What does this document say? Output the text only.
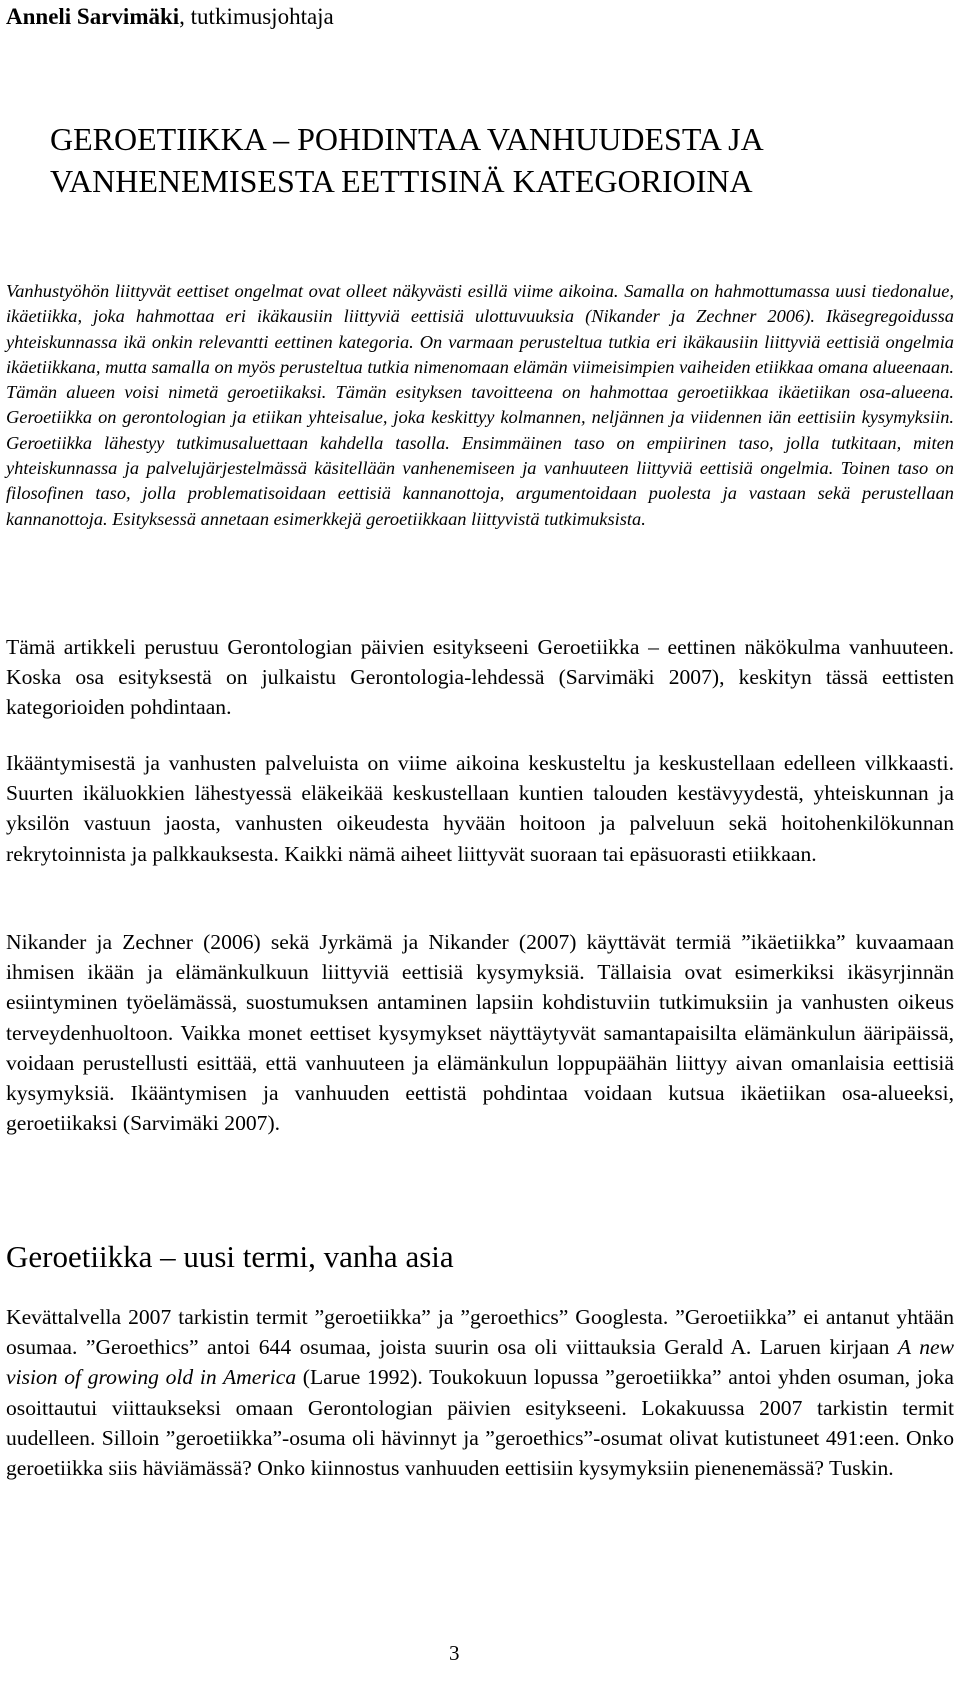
Anneli Sarvimäki, tutkimusjohtaja
GEROETIIKKA – POHDINTAA VANHUUDESTA JA
VANHENEMISESTA EETTISINÄ KATEGORIOINA

Vanhustyöhön liittyvät eettiset ongelmat ovat olleet näkyvästi esillä viime aikoina. Samalla on hahmottumassa uusi tiedonalue, ikäetiikka, joka hahmottaa eri ikäkausiin liittyviä eettisiä ulottuvuuksia (Nikander ja Zechner 2006). Ikäsegregoidussa yhteiskunnassa ikä onkin relevantti eettinen kategoria. On varmaan perusteltua tutkia eri ikäkausiin liittyviä eettisiä ongelmia ikäetiikkana, mutta samalla on myös perusteltua tutkia nimenomaan elämän viimeisimpien vaiheiden etiikkaa omana alueenaan. Tämän alueen voisi nimetä geroetiikaksi. Tämän esityksen tavoitteena on hahmottaa geroetiikkaa ikäetiikan osa-alueena. Geroetiikka on gerontologian ja etiikan yhteisalue, joka keskittyy kolmannen, neljännen ja viidennen iän eettisiin kysymyksiin. Geroetiikka lähestyy tutkimusaluettaan kahdella tasolla. Ensimmäinen taso on empiirinen taso, jolla tutkitaan, miten yhteiskunnassa ja palvelujärjestelmässä käsitellään vanhenemiseen ja vanhuuteen liittyviä eettisiä ongelmia. Toinen taso on filosofinen taso, jolla problematisoidaan eettisiä kannanottoja, argumentoidaan puolesta ja vastaan sekä perustellaan kannanottoja. Esityksessä annetaan esimerkkejä geroetiikkaan liittyvistä tutkimuksista.

Tämä artikkeli perustuu Gerontologian päivien esitykseeni Geroetiikka – eettinen näkökulma vanhuuteen. Koska osa esityksestä on julkaistu Gerontologia-lehdessä (Sarvimäki 2007), keskityn tässä eettisten kategorioiden pohdintaan.

Ikääntymisestä ja vanhusten palveluista on viime aikoina keskusteltu ja keskustellaan edelleen vilkkaasti. Suurten ikäluokkien lähestyessä eläkeikää keskustellaan kuntien talouden kestävyydestä, yhteiskunnan ja yksilön vastuun jaosta, vanhusten oikeudesta hyvään hoitoon ja palveluun sekä hoitohenkilökunnan rekrytoinnista ja palkkauksesta. Kaikki nämä aiheet liittyvät suoraan tai epäsuorasti etiikkaan.

Nikander ja Zechner (2006) sekä Jyrkämä ja Nikander (2007) käyttävät termiä ”ikäetiikka” kuvaamaan ihmisen ikään ja elämänkulkuun liittyviä eettisiä kysymyksiä. Tällaisia ovat esimerkiksi ikäsyrjinnän esiintyminen työelämässä, suostumuksen antaminen lapsiin kohdistuviin tutkimuksiin ja vanhusten oikeus terveydenhuoltoon. Vaikka monet eettiset kysymykset näyttäytyvät samantapaisilta elämänkulun ääripäissä, voidaan perustellusti esittää, että vanhuuteen ja elämänkulun loppupäähän liittyy aivan omanlaisia eettisiä kysymyksiä. Ikääntymisen ja vanhuuden eettistä pohdintaa voidaan kutsua ikäetiikan osa-alueeksi, geroetiikaksi (Sarvimäki 2007).

Geroetiikka – uusi termi, vanha asia

Kevättalvella 2007 tarkistin termit ”geroetiikka” ja ”geroethics” Googlesta. ”Geroetiikka” ei antanut yhtään osumaa. ”Geroethics” antoi 644 osumaa, joista suurin osa oli viittauksia Gerald A. Laruen kirjaan A new vision of growing old in America (Larue 1992). Toukokuun lopussa ”geroetiikka” antoi yhden osuman, joka osoittautui viittaukseksi omaan Gerontologian päivien esitykseeni. Lokakuussa 2007 tarkistin termit uudelleen. Silloin ”geroetiikka”-osuma oli hävinnyt ja ”geroethics”-osumat olivat kutistuneet 491:een. Onko geroetiikka siis häviämässä? Onko kiinnostus vanhuuden eettisiin kysymyksiin pienenemässä? Tuskin.

3
